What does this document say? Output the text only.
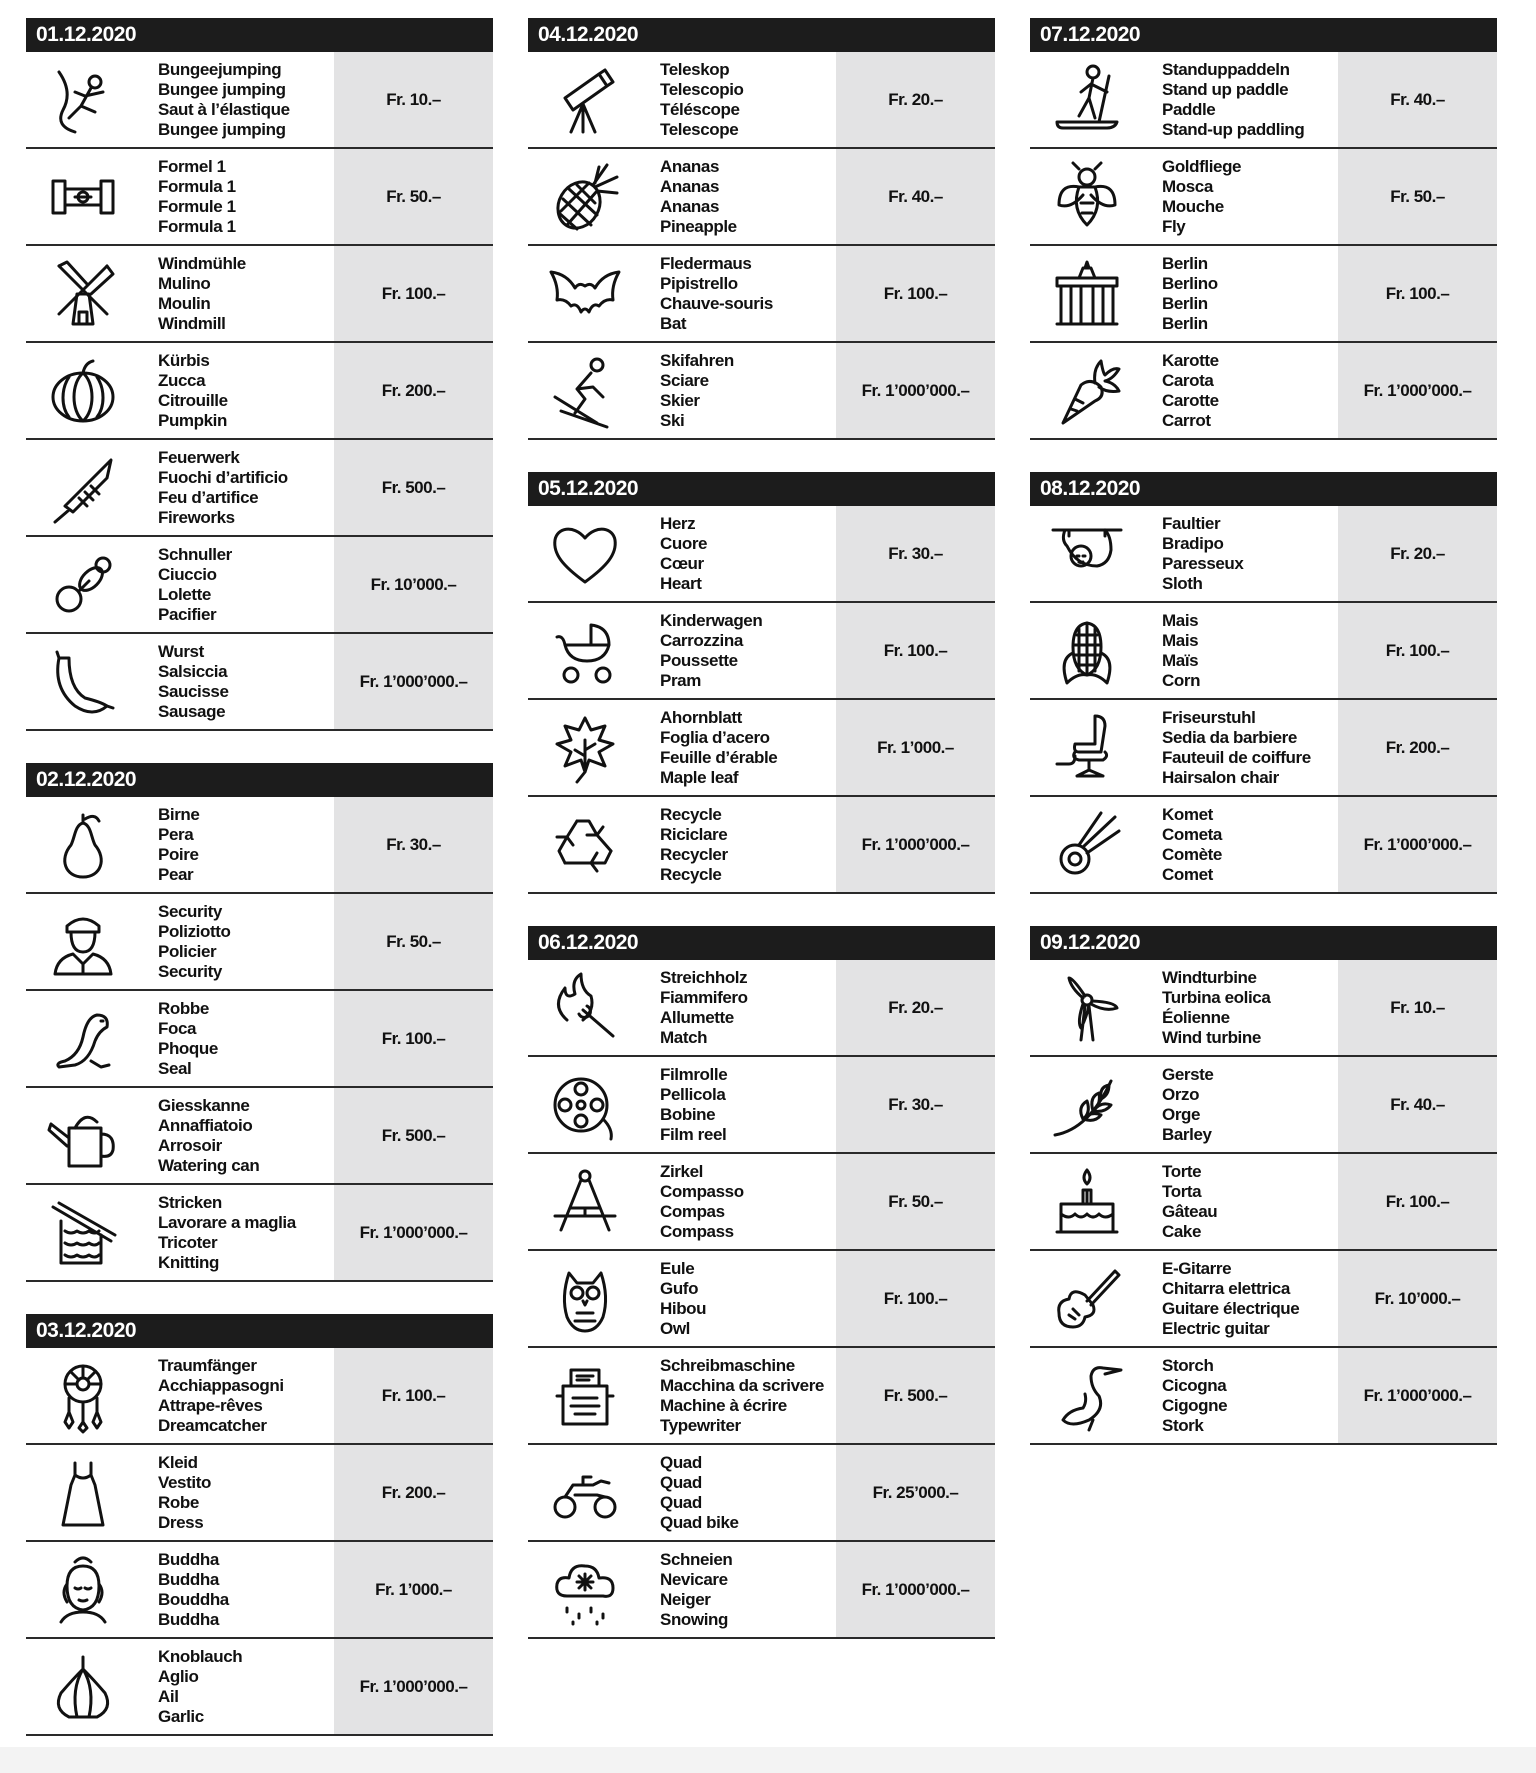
01.12.2020
Bungeejumping
Bungee jumping
Saut à l’élastique
Bungee jumping
Fr. 10.–
Formel 1
Formula 1
Formule 1
Formula 1
Fr. 50.–
Windmühle
Mulino
Moulin
Windmill
Fr. 100.–
Kürbis
Zucca
Citrouille
Pumpkin
Fr. 200.–
Feuerwerk
Fuochi d’artificio
Feu d’artifice
Fireworks
Fr. 500.–
Schnuller
Ciuccio
Lolette
Pacifier
Fr. 10’000.–
Wurst
Salsiccia
Saucisse
Sausage
Fr. 1’000’000.–
02.12.2020
Birne
Pera
Poire
Pear
Fr. 30.–
Security
Poliziotto
Policier
Security
Fr. 50.–
Robbe
Foca
Phoque
Seal
Fr. 100.–
Giesskanne
Annaffiatoio
Arrosoir
Watering can
Fr. 500.–
Stricken
Lavorare a maglia
Tricoter
Knitting
Fr. 1’000’000.–
03.12.2020
Traumfänger
Acchiappasogni
Attrape-rêves
Dreamcatcher
Fr. 100.–
Kleid
Vestito
Robe
Dress
Fr. 200.–
Buddha
Buddha
Bouddha
Buddha
Fr. 1’000.–
Knoblauch
Aglio
Ail
Garlic
Fr. 1’000’000.–
04.12.2020
Teleskop
Telescopio
Téléscope
Telescope
Fr. 20.–
Ananas
Ananas
Ananas
Pineapple
Fr. 40.–
Fledermaus
Pipistrello
Chauve-souris
Bat
Fr. 100.–
Skifahren
Sciare
Skier
Ski
Fr. 1’000’000.–
05.12.2020
Herz
Cuore
Cœur
Heart
Fr. 30.–
Kinderwagen
Carrozzina
Poussette
Pram
Fr. 100.–
Ahornblatt
Foglia d’acero
Feuille d’érable
Maple leaf
Fr. 1’000.–
Recycle
Riciclare
Recycler
Recycle
Fr. 1’000’000.–
06.12.2020
Streichholz
Fiammifero
Allumette
Match
Fr. 20.–
Filmrolle
Pellicola
Bobine
Film reel
Fr. 30.–
Zirkel
Compasso
Compas
Compass
Fr. 50.–
Eule
Gufo
Hibou
Owl
Fr. 100.–
Schreibmaschine
Macchina da scrivere
Machine à écrire
Typewriter
Fr. 500.–
Quad
Quad
Quad
Quad bike
Fr. 25’000.–
Schneien
Nevicare
Neiger
Snowing
Fr. 1’000’000.–
07.12.2020
Standuppaddeln
Stand up paddle
Paddle
Stand-up paddling
Fr. 40.–
Goldfliege
Mosca
Mouche
Fly
Fr. 50.–
Berlin
Berlino
Berlin
Berlin
Fr. 100.–
Karotte
Carota
Carotte
Carrot
Fr. 1’000’000.–
08.12.2020
Faultier
Bradipo
Paresseux
Sloth
Fr. 20.–
Mais
Mais
Maïs
Corn
Fr. 100.–
Friseurstuhl
Sedia da barbiere
Fauteuil de coiffure
Hairsalon chair
Fr. 200.–
Komet
Cometa
Comète
Comet
Fr. 1’000’000.–
09.12.2020
Windturbine
Turbina eolica
Éolienne
Wind turbine
Fr. 10.–
Gerste
Orzo
Orge
Barley
Fr. 40.–
Torte
Torta
Gâteau
Cake
Fr. 100.–
E-Gitarre
Chitarra elettrica
Guitare électrique
Electric guitar
Fr. 10’000.–
Storch
Cicogna
Cigogne
Stork
Fr. 1’000’000.–
